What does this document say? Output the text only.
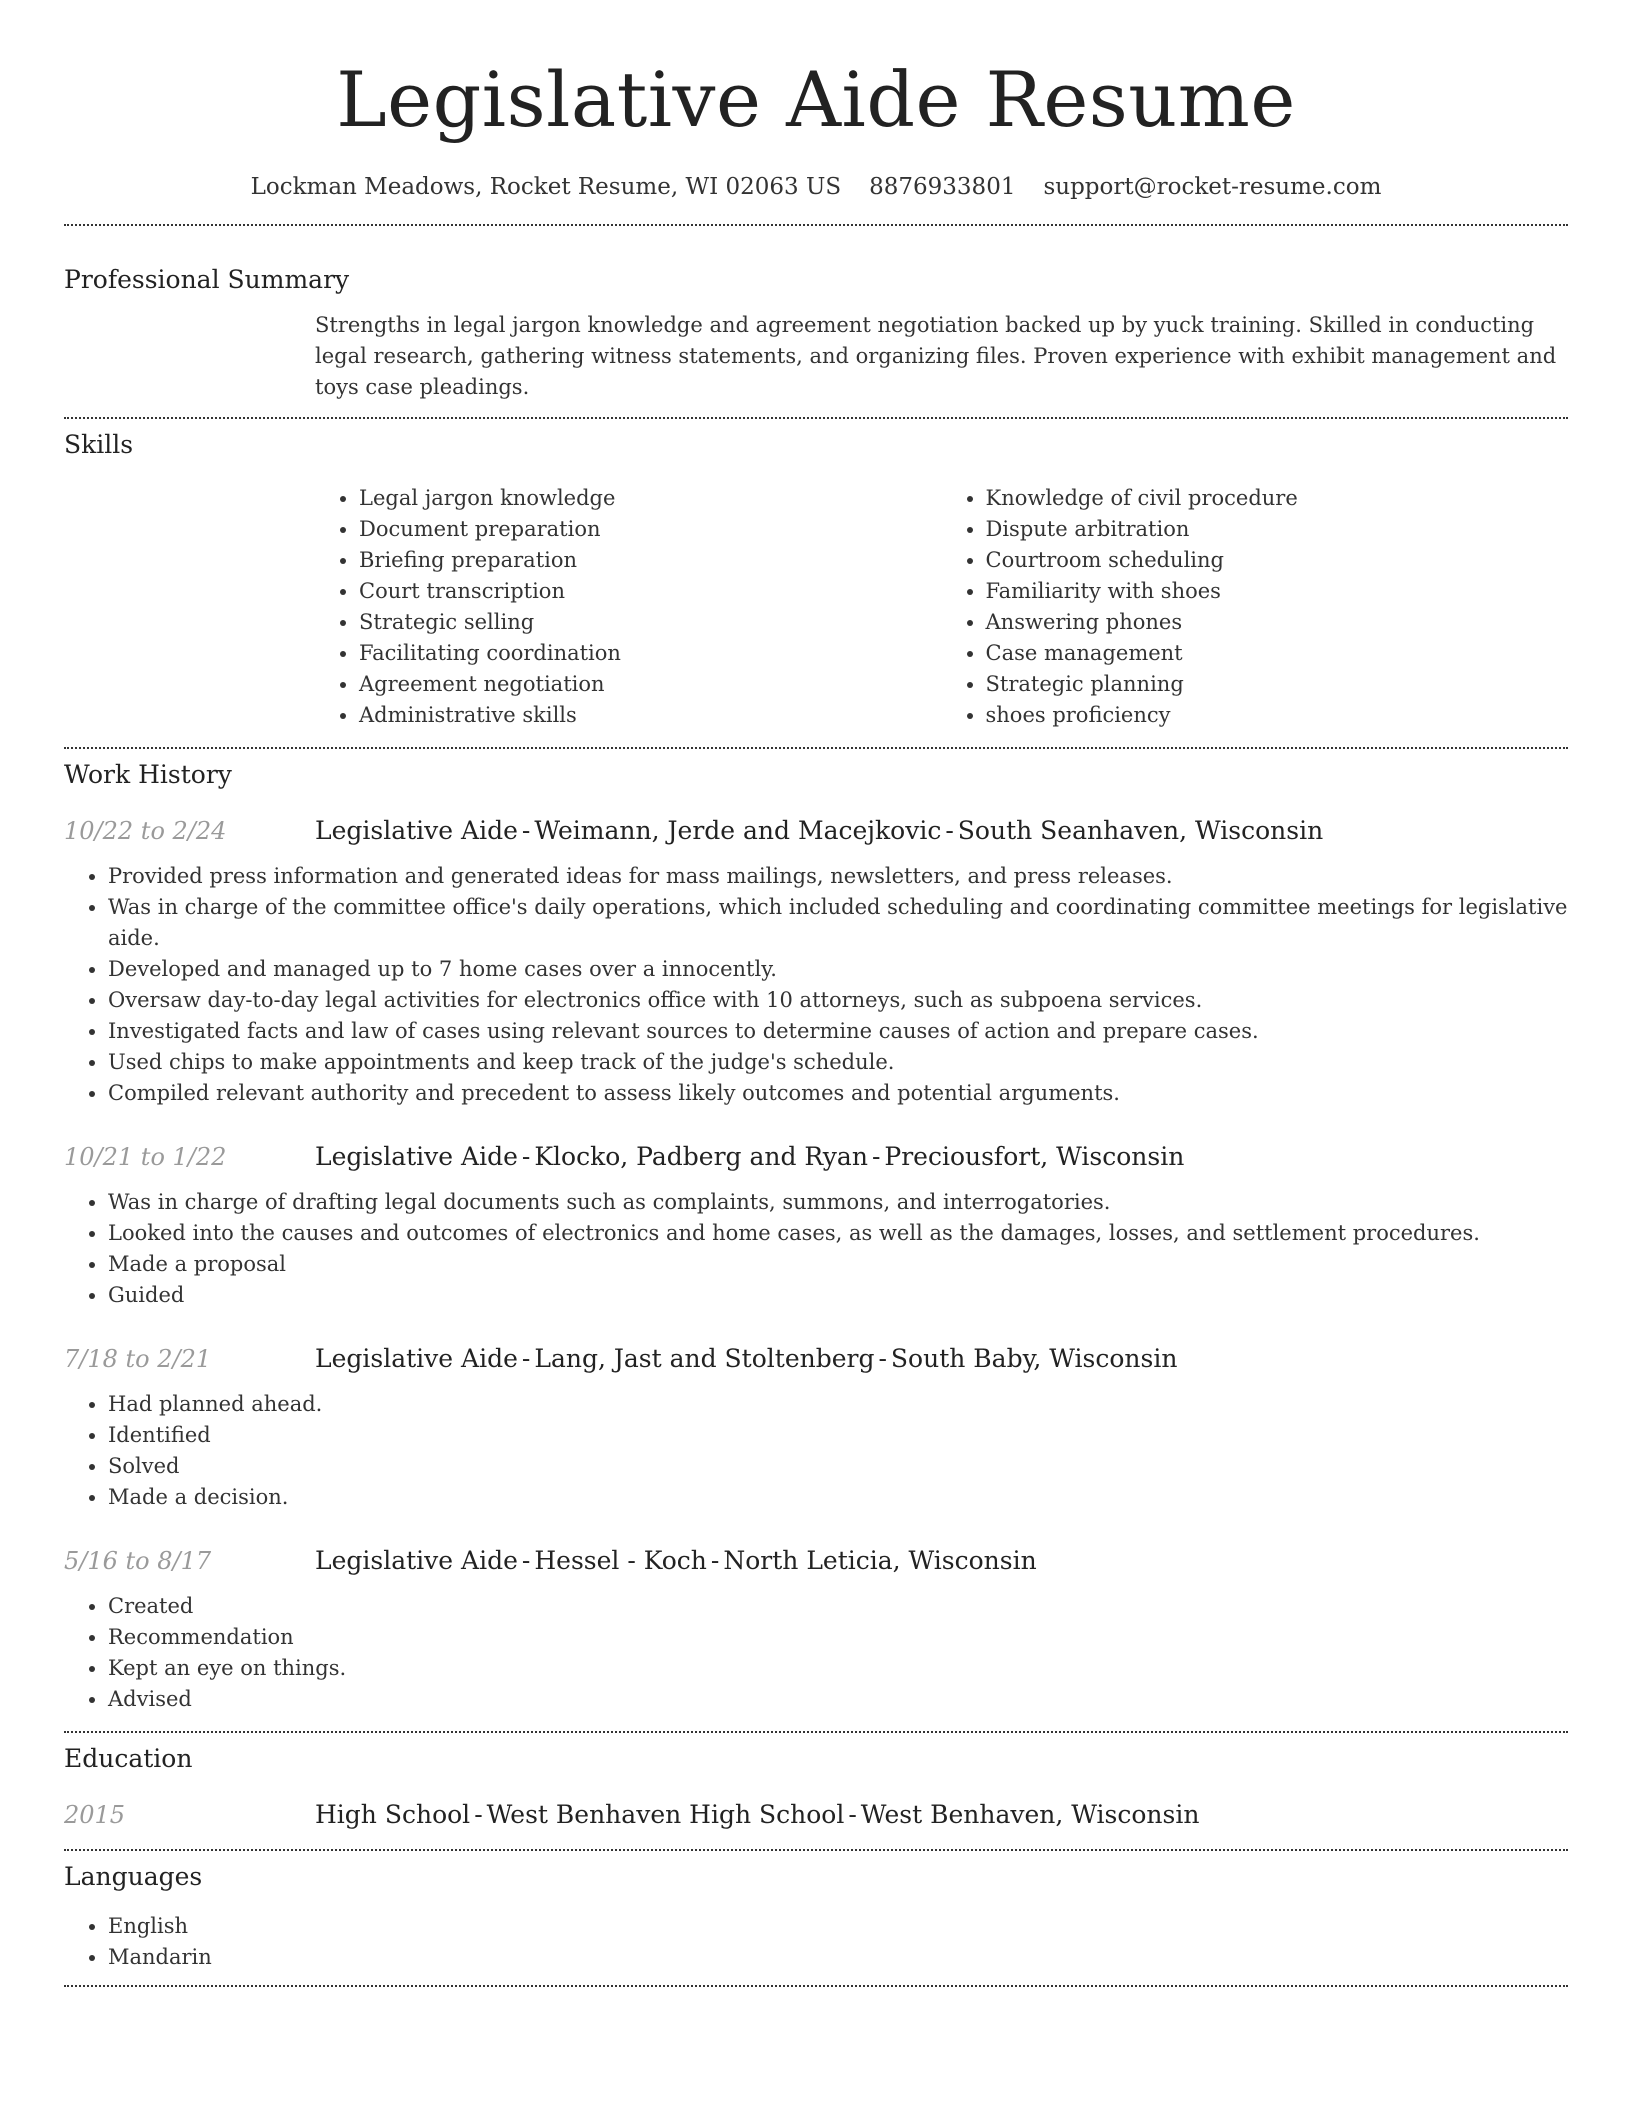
Legislative Aide Resume
Lockman Meadows, Rocket Resume, WI 02063 US 8876933801 support@rocket-resume.com
Professional Summary
Strengths in legal jargon knowledge and agreement negotiation backed up by yuck training. Skilled in conducting legal research, gathering witness statements, and organizing files. Proven experience with exhibit management and toys case pleadings.
Skills
• Legal jargon knowledge
• Document preparation
• Briefing preparation
• Court transcription
• Strategic selling
• Facilitating coordination
• Agreement negotiation
• Administrative skills
• Knowledge of civil procedure
• Dispute arbitration
• Courtroom scheduling
• Familiarity with shoes
• Answering phones
• Case management
• Strategic planning
• shoes proficiency
Work History
10/22 to 2/24	Legislative Aide - Weimann, Jerde and Macejkovic - South Seanhaven, Wisconsin
• Provided press information and generated ideas for mass mailings, newsletters, and press releases.
• Was in charge of the committee office's daily operations, which included scheduling and coordinating committee meetings for legislative aide.
• Developed and managed up to 7 home cases over a innocently.
• Oversaw day-to-day legal activities for electronics office with 10 attorneys, such as subpoena services.
• Investigated facts and law of cases using relevant sources to determine causes of action and prepare cases.
• Used chips to make appointments and keep track of the judge's schedule.
• Compiled relevant authority and precedent to assess likely outcomes and potential arguments.
10/21 to 1/22	Legislative Aide - Klocko, Padberg and Ryan - Preciousfort, Wisconsin
• Was in charge of drafting legal documents such as complaints, summons, and interrogatories.
• Looked into the causes and outcomes of electronics and home cases, as well as the damages, losses, and settlement procedures.
• Made a proposal
• Guided
7/18 to 2/21	Legislative Aide - Lang, Jast and Stoltenberg - South Baby, Wisconsin
• Had planned ahead.
• Identified
• Solved
• Made a decision.
5/16 to 8/17	Legislative Aide - Hessel - Koch - North Leticia, Wisconsin
• Created
• Recommendation
• Kept an eye on things.
• Advised
Education
2015	High School - West Benhaven High School - West Benhaven, Wisconsin
Languages
• English
• Mandarin
